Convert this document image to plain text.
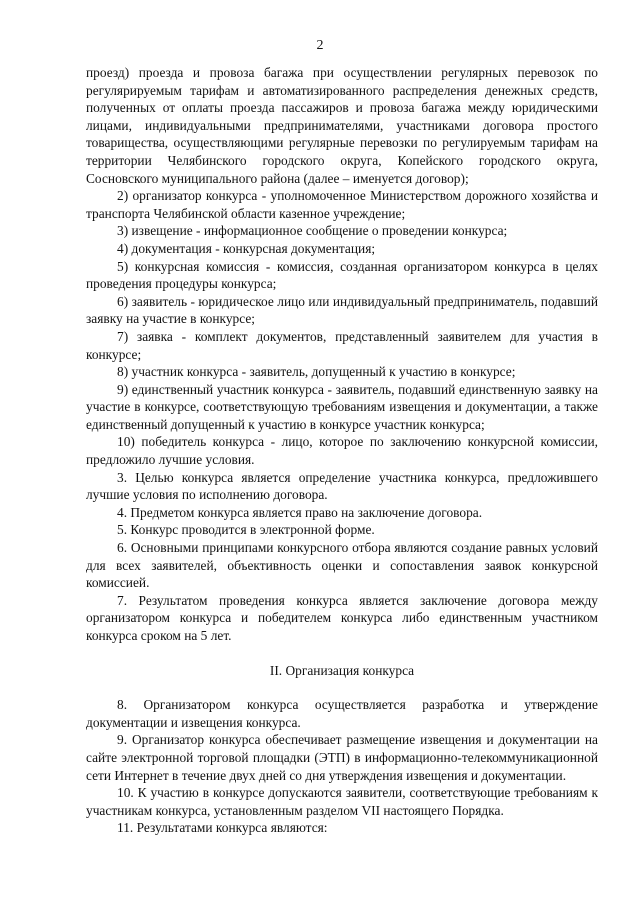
2

проезд) проезда и провоза багажа при осуществлении регулярных перевозок по регулярируемым тарифам и автоматизированного распределения денежных средств, полученных от оплаты проезда пассажиров и провоза багажа между юридическими лицами, индивидуальными предпринимателями, участниками договора простого товарищества, осуществляющими регулярные перевозки по регулируемым тарифам на территории Челябинского городского округа, Копейского городского округа, Сосновского муниципального района (далее – именуется договор);

2) организатор конкурса - уполномоченное Министерством дорожного хозяйства и транспорта Челябинской области казенное учреждение;

3) извещение - информационное сообщение о проведении конкурса;

4) документация - конкурсная документация;

5) конкурсная комиссия - комиссия, созданная организатором конкурса в целях проведения процедуры конкурса;

6) заявитель - юридическое лицо или индивидуальный предприниматель, подавший заявку на участие в конкурсе;

7) заявка - комплект документов, представленный заявителем для участия в конкурсе;

8) участник конкурса - заявитель, допущенный к участию в конкурсе;

9) единственный участник конкурса - заявитель, подавший единственную заявку на участие в конкурсе, соответствующую требованиям извещения и документации, а также единственный допущенный к участию в конкурсе участник конкурса;

10) победитель конкурса - лицо, которое по заключению конкурсной комиссии, предложило лучшие условия.

3. Целью конкурса является определение участника конкурса, предложившего лучшие условия по исполнению договора.

4. Предметом конкурса является право на заключение договора.

5. Конкурс проводится в электронной форме.

6. Основными принципами конкурсного отбора являются создание равных условий для всех заявителей, объективность оценки и сопоставления заявок конкурсной комиссией.

7. Результатом проведения конкурса является заключение договора между организатором конкурса и победителем конкурса либо единственным участником конкурса сроком на 5 лет.

II. Организация конкурса

8. Организатором конкурса осуществляется разработка и утверждение документации и извещения конкурса.

9. Организатор конкурса обеспечивает размещение извещения и документации на сайте электронной торговой площадки (ЭТП) в информационно-телекоммуникационной сети Интернет в течение двух дней со дня утверждения извещения и документации.

10. К участию в конкурсе допускаются заявители, соответствующие требованиям к участникам конкурса, установленным разделом VII настоящего Порядка.

11. Результатами конкурса являются:
